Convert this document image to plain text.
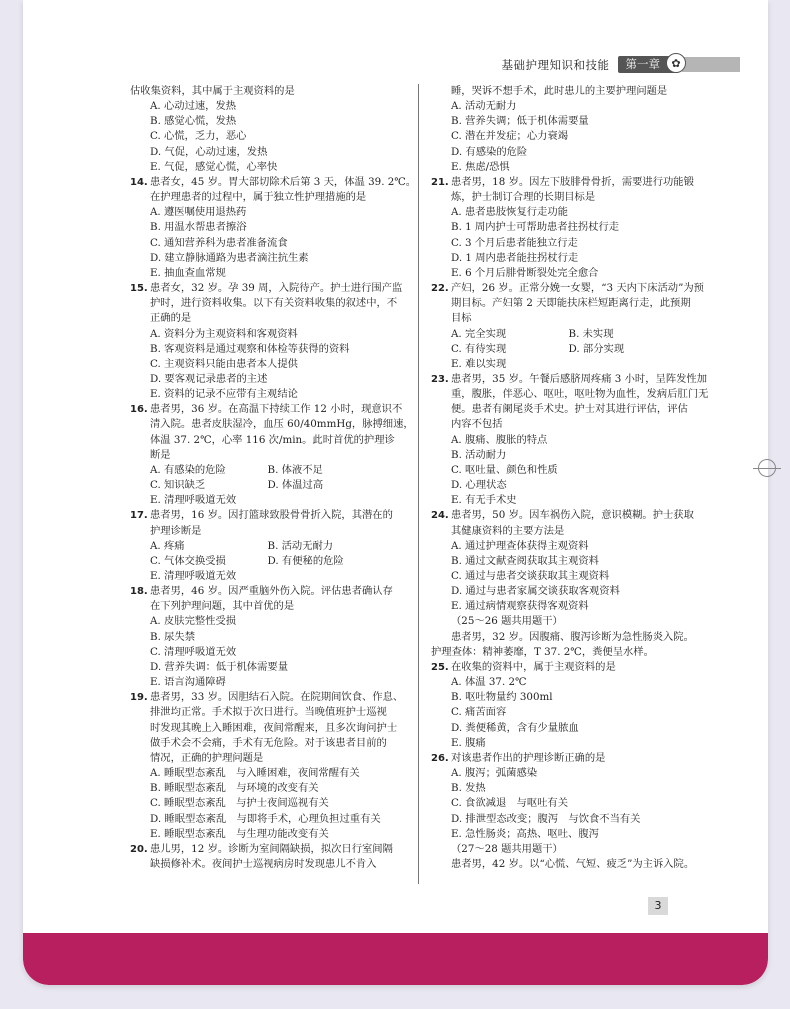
基础护理知识和技能	第一章	✿
估收集资料，其中属于主观资料的是
A. 心动过速，发热
B. 感觉心慌，发热
C. 心慌，乏力，恶心
D. 气促，心动过速，发热
E. 气促，感觉心慌，心率快
14. 患者女，45 岁。胃大部切除术后第 3 天，体温 39. 2℃。
在护理患者的过程中，属于独立性护理措施的是
A. 遵医嘱使用退热药
B. 用温水帮患者擦浴
C. 通知营养科为患者准备流食
D. 建立静脉通路为患者滴注抗生素
E. 抽血查血常规
15. 患者女，32 岁。孕 39 周，入院待产。护士进行围产监
护时，进行资料收集。以下有关资料收集的叙述中，不
正确的是
A. 资料分为主观资料和客观资料
B. 客观资料是通过观察和体检等获得的资料
C. 主观资料只能由患者本人提供
D. 要客观记录患者的主述
E. 资料的记录不应带有主观结论
16. 患者男，36 岁。在高温下持续工作 12 小时，现意识不
清入院。患者皮肤湿冷，血压 60/40mmHg，脉搏细速，
体温 37. 2℃，心率 116 次/min。此时首优的护理诊
断是
A. 有感染的危险	B. 体液不足
C. 知识缺乏	D. 体温过高
E. 清理呼吸道无效
17. 患者男，16 岁。因打篮球致股骨骨折入院，其潜在的
护理诊断是
A. 疼痛	B. 活动无耐力
C. 气体交换受损	D. 有便秘的危险
E. 清理呼吸道无效
18. 患者男，46 岁。因严重脑外伤入院。评估患者确认存
在下列护理问题，其中首优的是
A. 皮肤完整性受损
B. 尿失禁
C. 清理呼吸道无效
D. 营养失调：低于机体需要量
E. 语言沟通障碍
19. 患者男，33 岁。因胆结石入院。在院期间饮食、作息、
排泄均正常。手术拟于次日进行。当晚值班护士巡视
时发现其晚上入睡困难，夜间常醒来，且多次询问护士
做手术会不会痛，手术有无危险。对于该患者目前的
情况，正确的护理问题是
A. 睡眠型态紊乱　与入睡困难，夜间常醒有关
B. 睡眠型态紊乱　与环境的改变有关
C. 睡眠型态紊乱　与护士夜间巡视有关
D. 睡眠型态紊乱　与即将手术，心理负担过重有关
E. 睡眠型态紊乱　与生理功能改变有关
20. 患儿男，12 岁。诊断为室间隔缺损，拟次日行室间隔
缺损修补术。夜间护士巡视病房时发现患儿不肯入
睡，哭诉不想手术，此时患儿的主要护理问题是
A. 活动无耐力
B. 营养失调；低于机体需要量
C. 潜在并发症；心力衰竭
D. 有感染的危险
E. 焦虑/恐惧
21. 患者男，18 岁。因左下肢腓骨骨折，需要进行功能锻
炼，护士制订合理的长期目标是
A. 患者患肢恢复行走功能
B. 1 周内护士可帮助患者拄拐杖行走
C. 3 个月后患者能独立行走
D. 1 周内患者能拄拐杖行走
E. 6 个月后腓骨断裂处完全愈合
22. 产妇，26 岁。正常分娩一女婴，“3 天内下床活动”为预
期目标。产妇第 2 天即能扶床栏短距离行走，此预期
目标
A. 完全实现	B. 未实现
C. 有待实现	D. 部分实现
E. 难以实现
23. 患者男，35 岁。午餐后感脐周疼痛 3 小时，呈阵发性加
重，腹胀，伴恶心、呕吐，呕吐物为血性，发病后肛门无
便。患者有阑尾炎手术史。护士对其进行评估，评估
内容不包括
A. 腹痛、腹胀的特点
B. 活动耐力
C. 呕吐量、颜色和性质
D. 心理状态
E. 有无手术史
24. 患者男，50 岁。因车祸伤入院，意识模糊。护士获取
其健康资料的主要方法是
A. 通过护理查体获得主观资料
B. 通过文献查阅获取其主观资料
C. 通过与患者交谈获取其主观资料
D. 通过与患者家属交谈获取客观资料
E. 通过病情观察获得客观资料
（25～26 题共用题干）
患者男，32 岁。因腹痛、腹泻诊断为急性肠炎入院。
护理查体：精神萎靡，T 37. 2℃，粪便呈水样。
25. 在收集的资料中，属于主观资料的是
A. 体温 37. 2℃
B. 呕吐物量约 300ml
C. 痛苦面容
D. 粪便稀黄，含有少量脓血
E. 腹痛
26. 对该患者作出的护理诊断正确的是
A. 腹泻；弧菌感染
B. 发热
C. 食欲减退　与呕吐有关
D. 排泄型态改变；腹泻　与饮食不当有关
E. 急性肠炎；高热、呕吐、腹泻
（27～28 题共用题干）
患者男，42 岁。以“心慌、气短、疲乏”为主诉入院。
3
